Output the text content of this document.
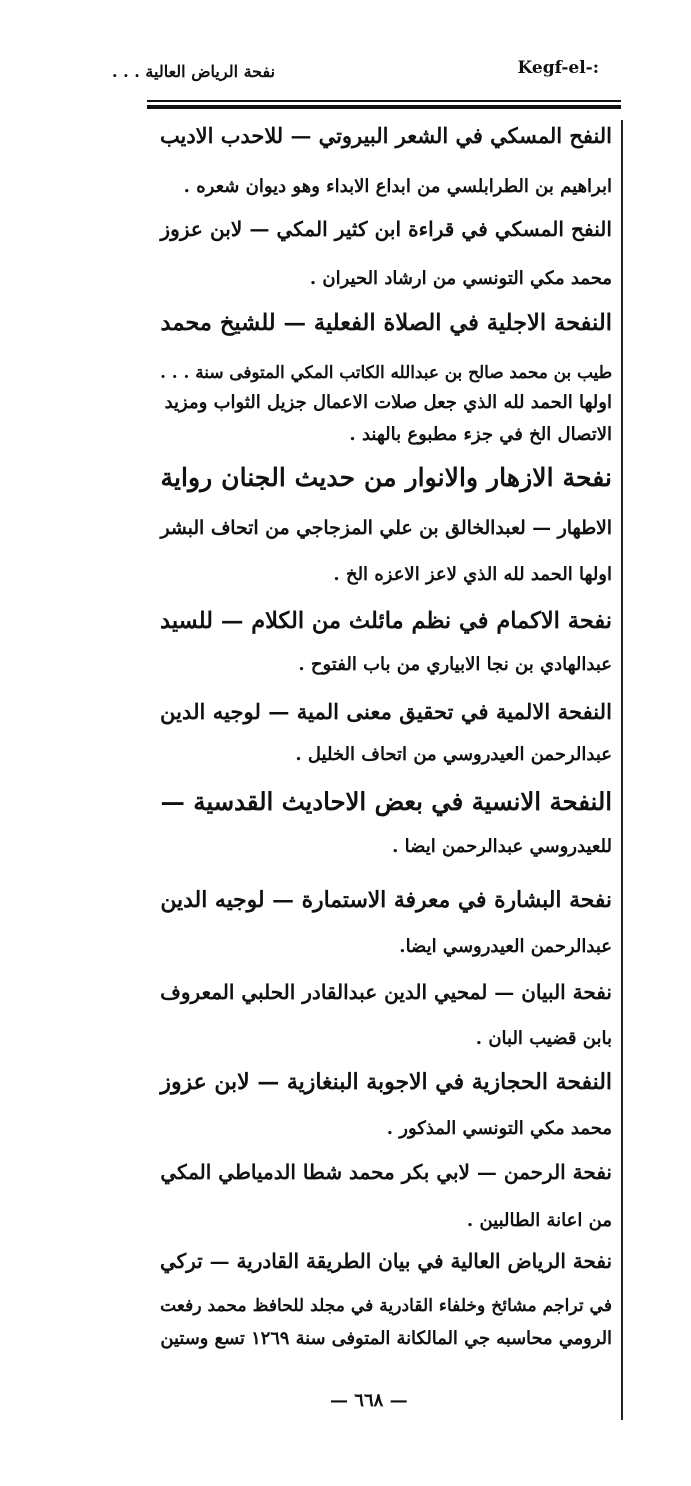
نفحة الرياض العالية . . .	Kegf-el-:
النفح المسكي في الشعر البيروتي — للاحدب الاديب
ابراهيم بن الطرابلسي من ابداع الابداء وهو ديوان شعره .
النفح المسكي في قراءة ابن كثير المكي — لابن عزوز
محمد مكي التونسي من ارشاد الحيران .
النفحة الاجلية في الصلاة الفعلية — للشيخ محمد
طيب بن محمد صالح بن عبدالله الكاتب المكي المتوفى سنة . . .
اولها الحمد لله الذي جعل صلات الاعمال جزيل الثواب ومزيد
الاتصال الخ في جزء مطبوع بالهند .
نفحة الازهار والانوار من حديث الجنان رواية
الاطهار — لعبدالخالق بن علي المزجاجي من اتحاف البشر
اولها الحمد لله الذي لاعز الاعزه الخ .
نفحة الاكمام في نظم مائلث من الكلام — للسيد
عبدالهادي بن نجا الابياري من باب الفتوح .
النفحة الالمية في تحقيق معنى المية — لوجيه الدين
عبدالرحمن العيدروسي من اتحاف الخليل .
النفحة الانسية في بعض الاحاديث القدسية —
للعيدروسي عبدالرحمن ايضا .
نفحة البشارة في معرفة الاستمارة — لوجيه الدين
عبدالرحمن العيدروسي ايضا.
نفحة البيان — لمحيي الدين عبدالقادر الحلبي المعروف
بابن قضيب البان .
النفحة الحجازية في الاجوبة البنغازية — لابن عزوز
محمد مكي التونسي المذكور .
نفحة الرحمن — لابي بكر محمد شطا الدمياطي المكي
من اعانة الطالبين .
نفحة الرياض العالية في بيان الطريقة القادرية — تركي
في تراجم مشائخ وخلفاء القادرية في مجلد للحافظ محمد رفعت
الرومي محاسبه جي المالكانة المتوفى سنة ١٢٦٩ تسع وستين
— ٦٦٨ —
